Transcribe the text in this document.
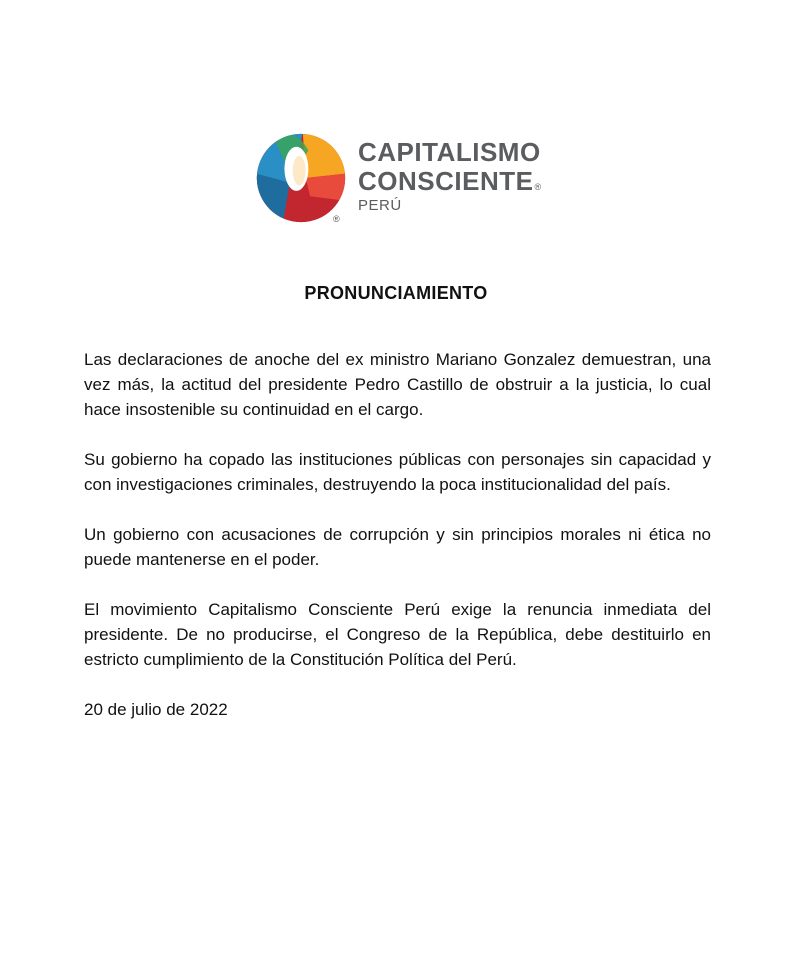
®
CAPITALISMO
CONSCIENTE®
PERÚ
PRONUNCIAMIENTO

Las declaraciones de anoche del ex ministro Mariano Gonzalez demuestran, una vez más, la actitud del presidente Pedro Castillo de obstruir a la justicia, lo cual hace insostenible su continuidad en el cargo.

Su gobierno ha copado las instituciones públicas con personajes sin capacidad y con investigaciones criminales, destruyendo la poca institucionalidad del país.

Un gobierno con acusaciones de corrupción y sin principios morales ni ética no puede mantenerse en el poder.

El movimiento Capitalismo Consciente Perú exige la renuncia inmediata del presidente. De no producirse, el Congreso de la República, debe destituirlo en estricto cumplimiento de la Constitución Política del Perú.

20 de julio de 2022
